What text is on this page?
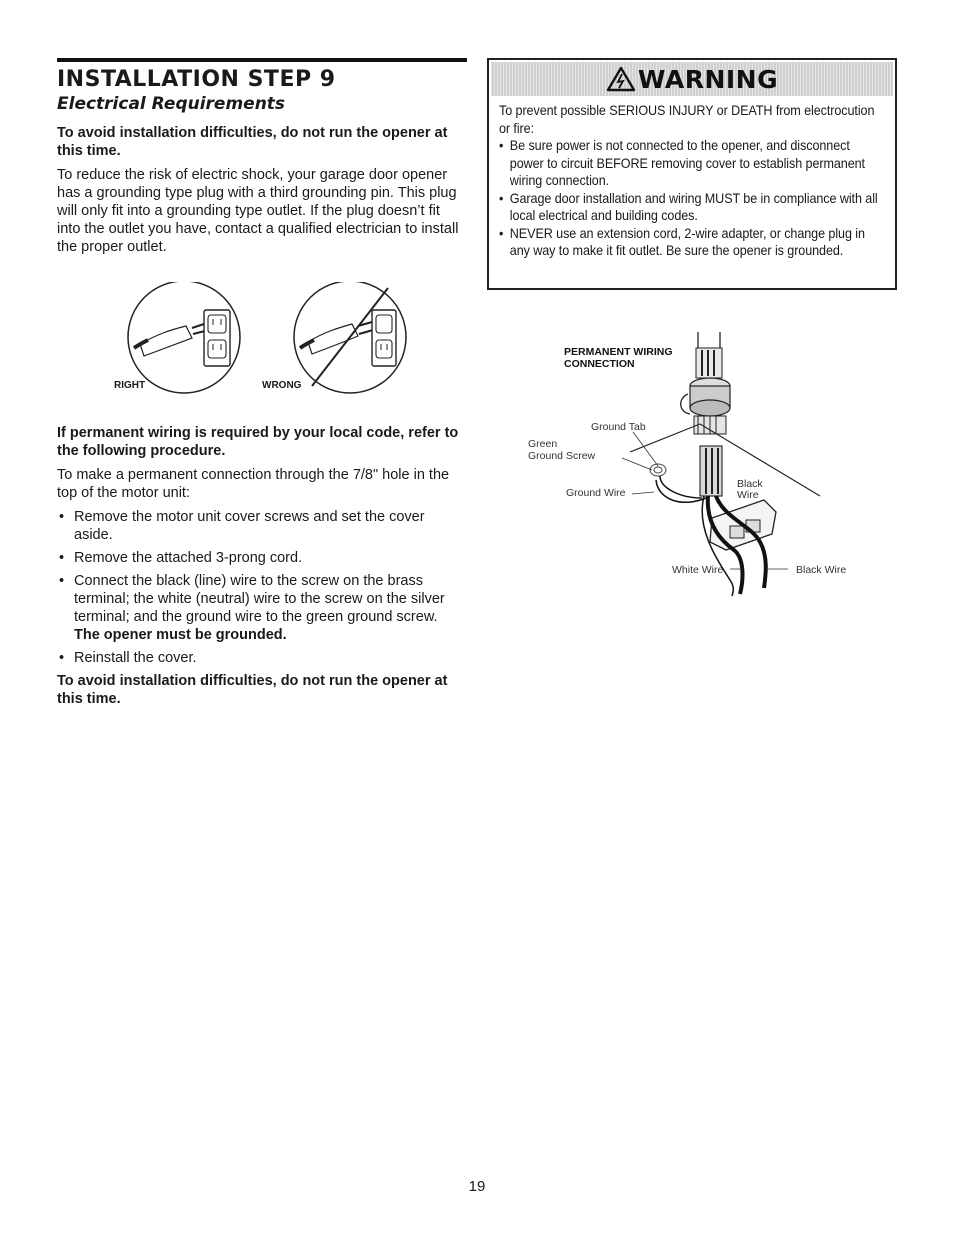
INSTALLATION STEP 9
Electrical Requirements

To avoid installation difficulties, do not run the opener at this time.

To reduce the risk of electric shock, your garage door opener has a grounding type plug with a third grounding pin. This plug will only fit into a grounding type outlet. If the plug doesn’t fit into the outlet you have, contact a qualified electrician to install the proper outlet.

RIGHT	WRONG

If permanent wiring is required by your local code, refer to the following procedure.

To make a permanent connection through the 7/8" hole in the top of the motor unit:

• Remove the motor unit cover screws and set the cover aside.
• Remove the attached 3-prong cord.
• Connect the black (line) wire to the screw on the brass terminal; the white (neutral) wire to the screw on the silver terminal; and the ground wire to the green ground screw. The opener must be grounded.
• Reinstall the cover.

To avoid installation difficulties, do not run the opener at this time.

WARNING

To prevent possible SERIOUS INJURY or DEATH from electrocution or fire:

• Be sure power is not connected to the opener, and disconnect power to circuit BEFORE removing cover to establish permanent wiring connection.
• Garage door installation and wiring MUST be in compliance with all local electrical and building codes.
• NEVER use an extension cord, 2-wire adapter, or change plug in any way to make it fit outlet. Be sure the opener is grounded.
PERMANENT WIRING
CONNECTION
Ground Tab
Green
Ground Screw
Ground Wire
Black
Wire
White Wire	Black Wire
19
